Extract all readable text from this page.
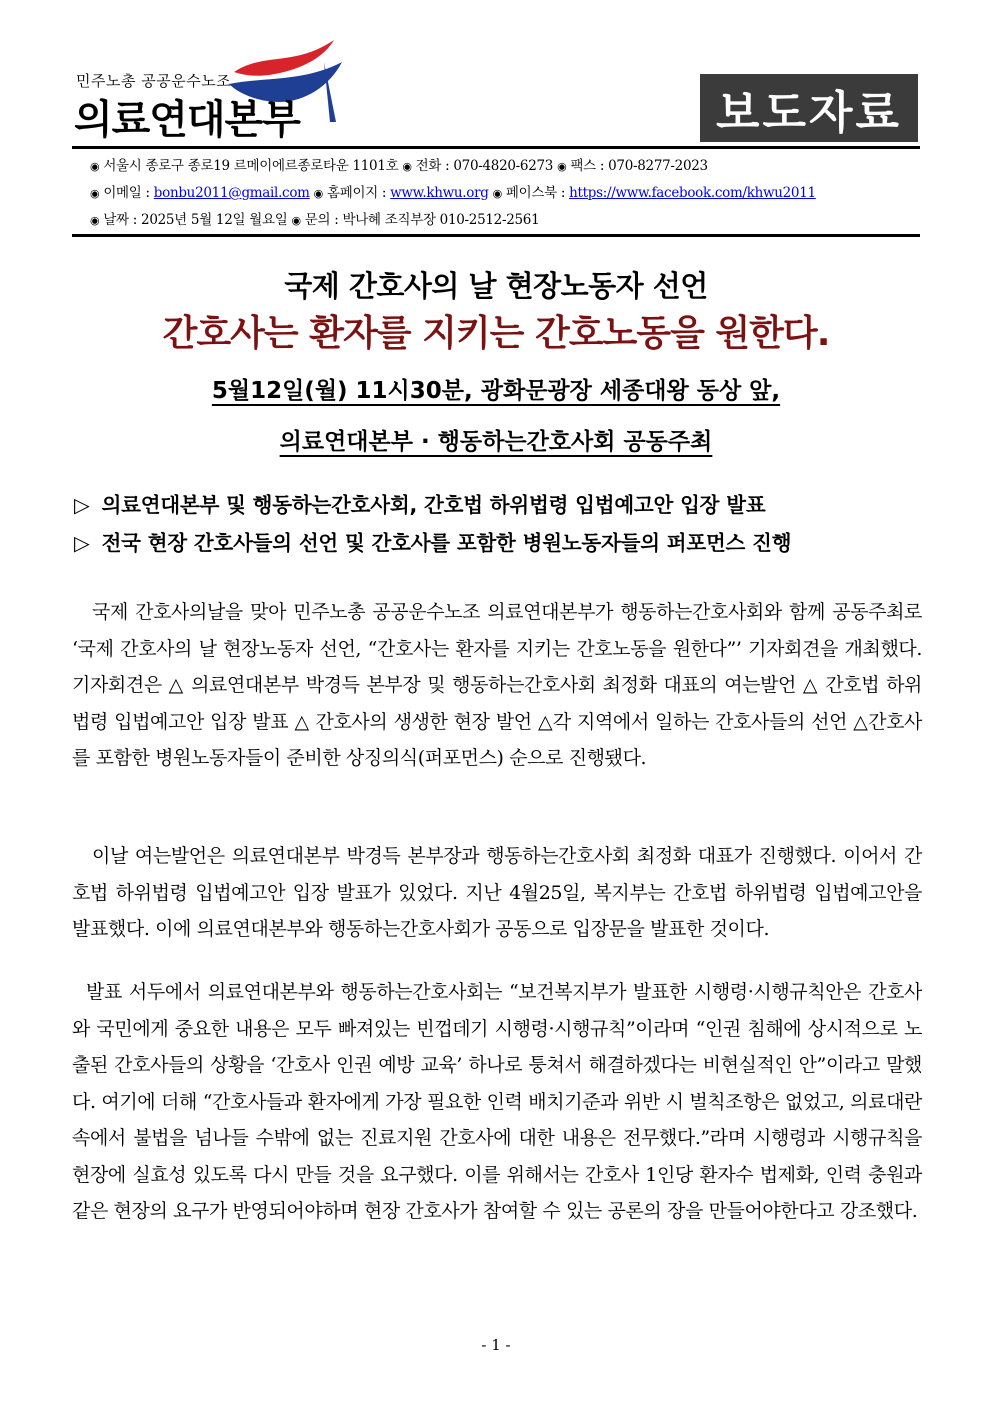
민주노총 공공운수노조
의료연대본부	보도자료
◉ 서울시 종로구 종로19 르메이에르종로타운 1101호 ◉ 전화 : 070-4820-6273 ◉ 팩스 : 070-8277-2023
◉ 이메일 : bonbu2011@gmail.com ◉ 홈페이지 : www.khwu.org ◉ 페이스북 : https://www.facebook.com/khwu2011
◉ 날짜 : 2025년 5월 12일 월요일 ◉ 문의 : 박나혜 조직부장 010-2512-2561
국제 간호사의 날 현장노동자 선언
간호사는 환자를 지키는 간호노동을 원한다.
5월12일(월) 11시30분, 광화문광장 세종대왕 동상 앞,
의료연대본부 · 행동하는간호사회 공동주최
▷ 의료연대본부 및 행동하는간호사회, 간호법 하위법령 입법예고안 입장 발표
▷ 전국 현장 간호사들의 선언 및 간호사를 포함한 병원노동자들의 퍼포먼스 진행
국제 간호사의날을 맞아 민주노총 공공운수노조 의료연대본부가 행동하는간호사회와 함께 공동주최로 ‘국제 간호사의 날 현장노동자 선언, “간호사는 환자를 지키는 간호노동을 원한다”’ 기자회견을 개최했다. 기자회견은 △ 의료연대본부 박경득 본부장 및 행동하는간호사회 최정화 대표의 여는발언 △ 간호법 하위법령 입법예고안 입장 발표 △ 간호사의 생생한 현장 발언 △각 지역에서 일하는 간호사들의 선언 △간호사를 포함한 병원노동자들이 준비한 상징의식(퍼포먼스) 순으로 진행됐다.
이날 여는발언은 의료연대본부 박경득 본부장과 행동하는간호사회 최정화 대표가 진행했다. 이어서 간호법 하위법령 입법예고안 입장 발표가 있었다. 지난 4월25일, 복지부는 간호법 하위법령 입법예고안을 발표했다. 이에 의료연대본부와 행동하는간호사회가 공동으로 입장문을 발표한 것이다.
발표 서두에서 의료연대본부와 행동하는간호사회는 “보건복지부가 발표한 시행령·시행규칙안은 간호사와 국민에게 중요한 내용은 모두 빠져있는 빈껍데기 시행령·시행규칙”이라며 “인권 침해에 상시적으로 노출된 간호사들의 상황을 ‘간호사 인권 예방 교육’ 하나로 퉁쳐서 해결하겠다는 비현실적인 안”이라고 말했다. 여기에 더해 “간호사들과 환자에게 가장 필요한 인력 배치기준과 위반 시 벌칙조항은 없었고, 의료대란 속에서 불법을 넘나들 수밖에 없는 진료지원 간호사에 대한 내용은 전무했다.”라며 시행령과 시행규칙을 현장에 실효성 있도록 다시 만들 것을 요구했다. 이를 위해서는 간호사 1인당 환자수 법제화, 인력 충원과 같은 현장의 요구가 반영되어야하며 현장 간호사가 참여할 수 있는 공론의 장을 만들어야한다고 강조했다.
- 1 -
